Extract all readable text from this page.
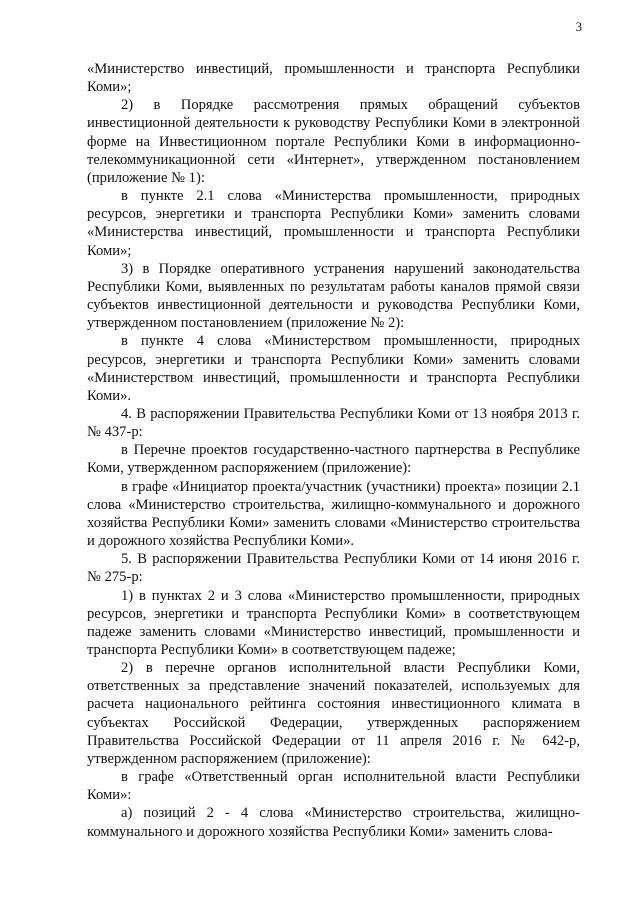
3

«Министерство инвестиций, промышленности и транспорта Республики Коми»;

2) в Порядке рассмотрения прямых обращений субъектов инвестиционной деятельности к руководству Республики Коми в электронной форме на Инвестиционном портале Республики Коми в информационно-телекоммуникационной сети «Интернет», утвержденном постановлением (приложение № 1):

в пункте 2.1 слова «Министерства промышленности, природных ресурсов, энергетики и транспорта Республики Коми» заменить словами «Министерства инвестиций, промышленности и транспорта Республики Коми»;

3) в Порядке оперативного устранения нарушений законодательства Республики Коми, выявленных по результатам работы каналов прямой связи субъектов инвестиционной деятельности и руководства Республики Коми, утвержденном постановлением (приложение № 2):

в пункте 4 слова «Министерством промышленности, природных ресурсов, энергетики и транспорта Республики Коми» заменить словами «Министерством инвестиций, промышленности и транспорта Республики Коми».

4. В распоряжении Правительства Республики Коми от 13 ноября 2013 г. № 437-р:

в Перечне проектов государственно-частного партнерства в Республике Коми, утвержденном распоряжением (приложение):

в графе «Инициатор проекта/участник (участники) проекта» позиции 2.1 слова «Министерство строительства, жилищно-коммунального и дорожного хозяйства Республики Коми» заменить словами «Министерство строительства и дорожного хозяйства Республики Коми».

5. В распоряжении Правительства Республики Коми от 14 июня 2016 г. № 275-р:

1) в пунктах 2 и 3 слова «Министерство промышленности, природных ресурсов, энергетики и транспорта Республики Коми» в соответствующем падеже заменить словами «Министерство инвестиций, промышленности и транспорта Республики Коми» в соответствующем падеже;

2) в перечне органов исполнительной власти Республики Коми, ответственных за представление значений показателей, используемых для расчета национального рейтинга состояния инвестиционного климата в субъектах Российской Федерации, утвержденных распоряжением Правительства Российской Федерации от 11 апреля 2016 г. № 642-р, утвержденном распоряжением (приложение):

в графе «Ответственный орган исполнительной власти Республики Коми»:

а) позиций 2 - 4 слова «Министерство строительства, жилищно-коммунального и дорожного хозяйства Республики Коми» заменить слова-
